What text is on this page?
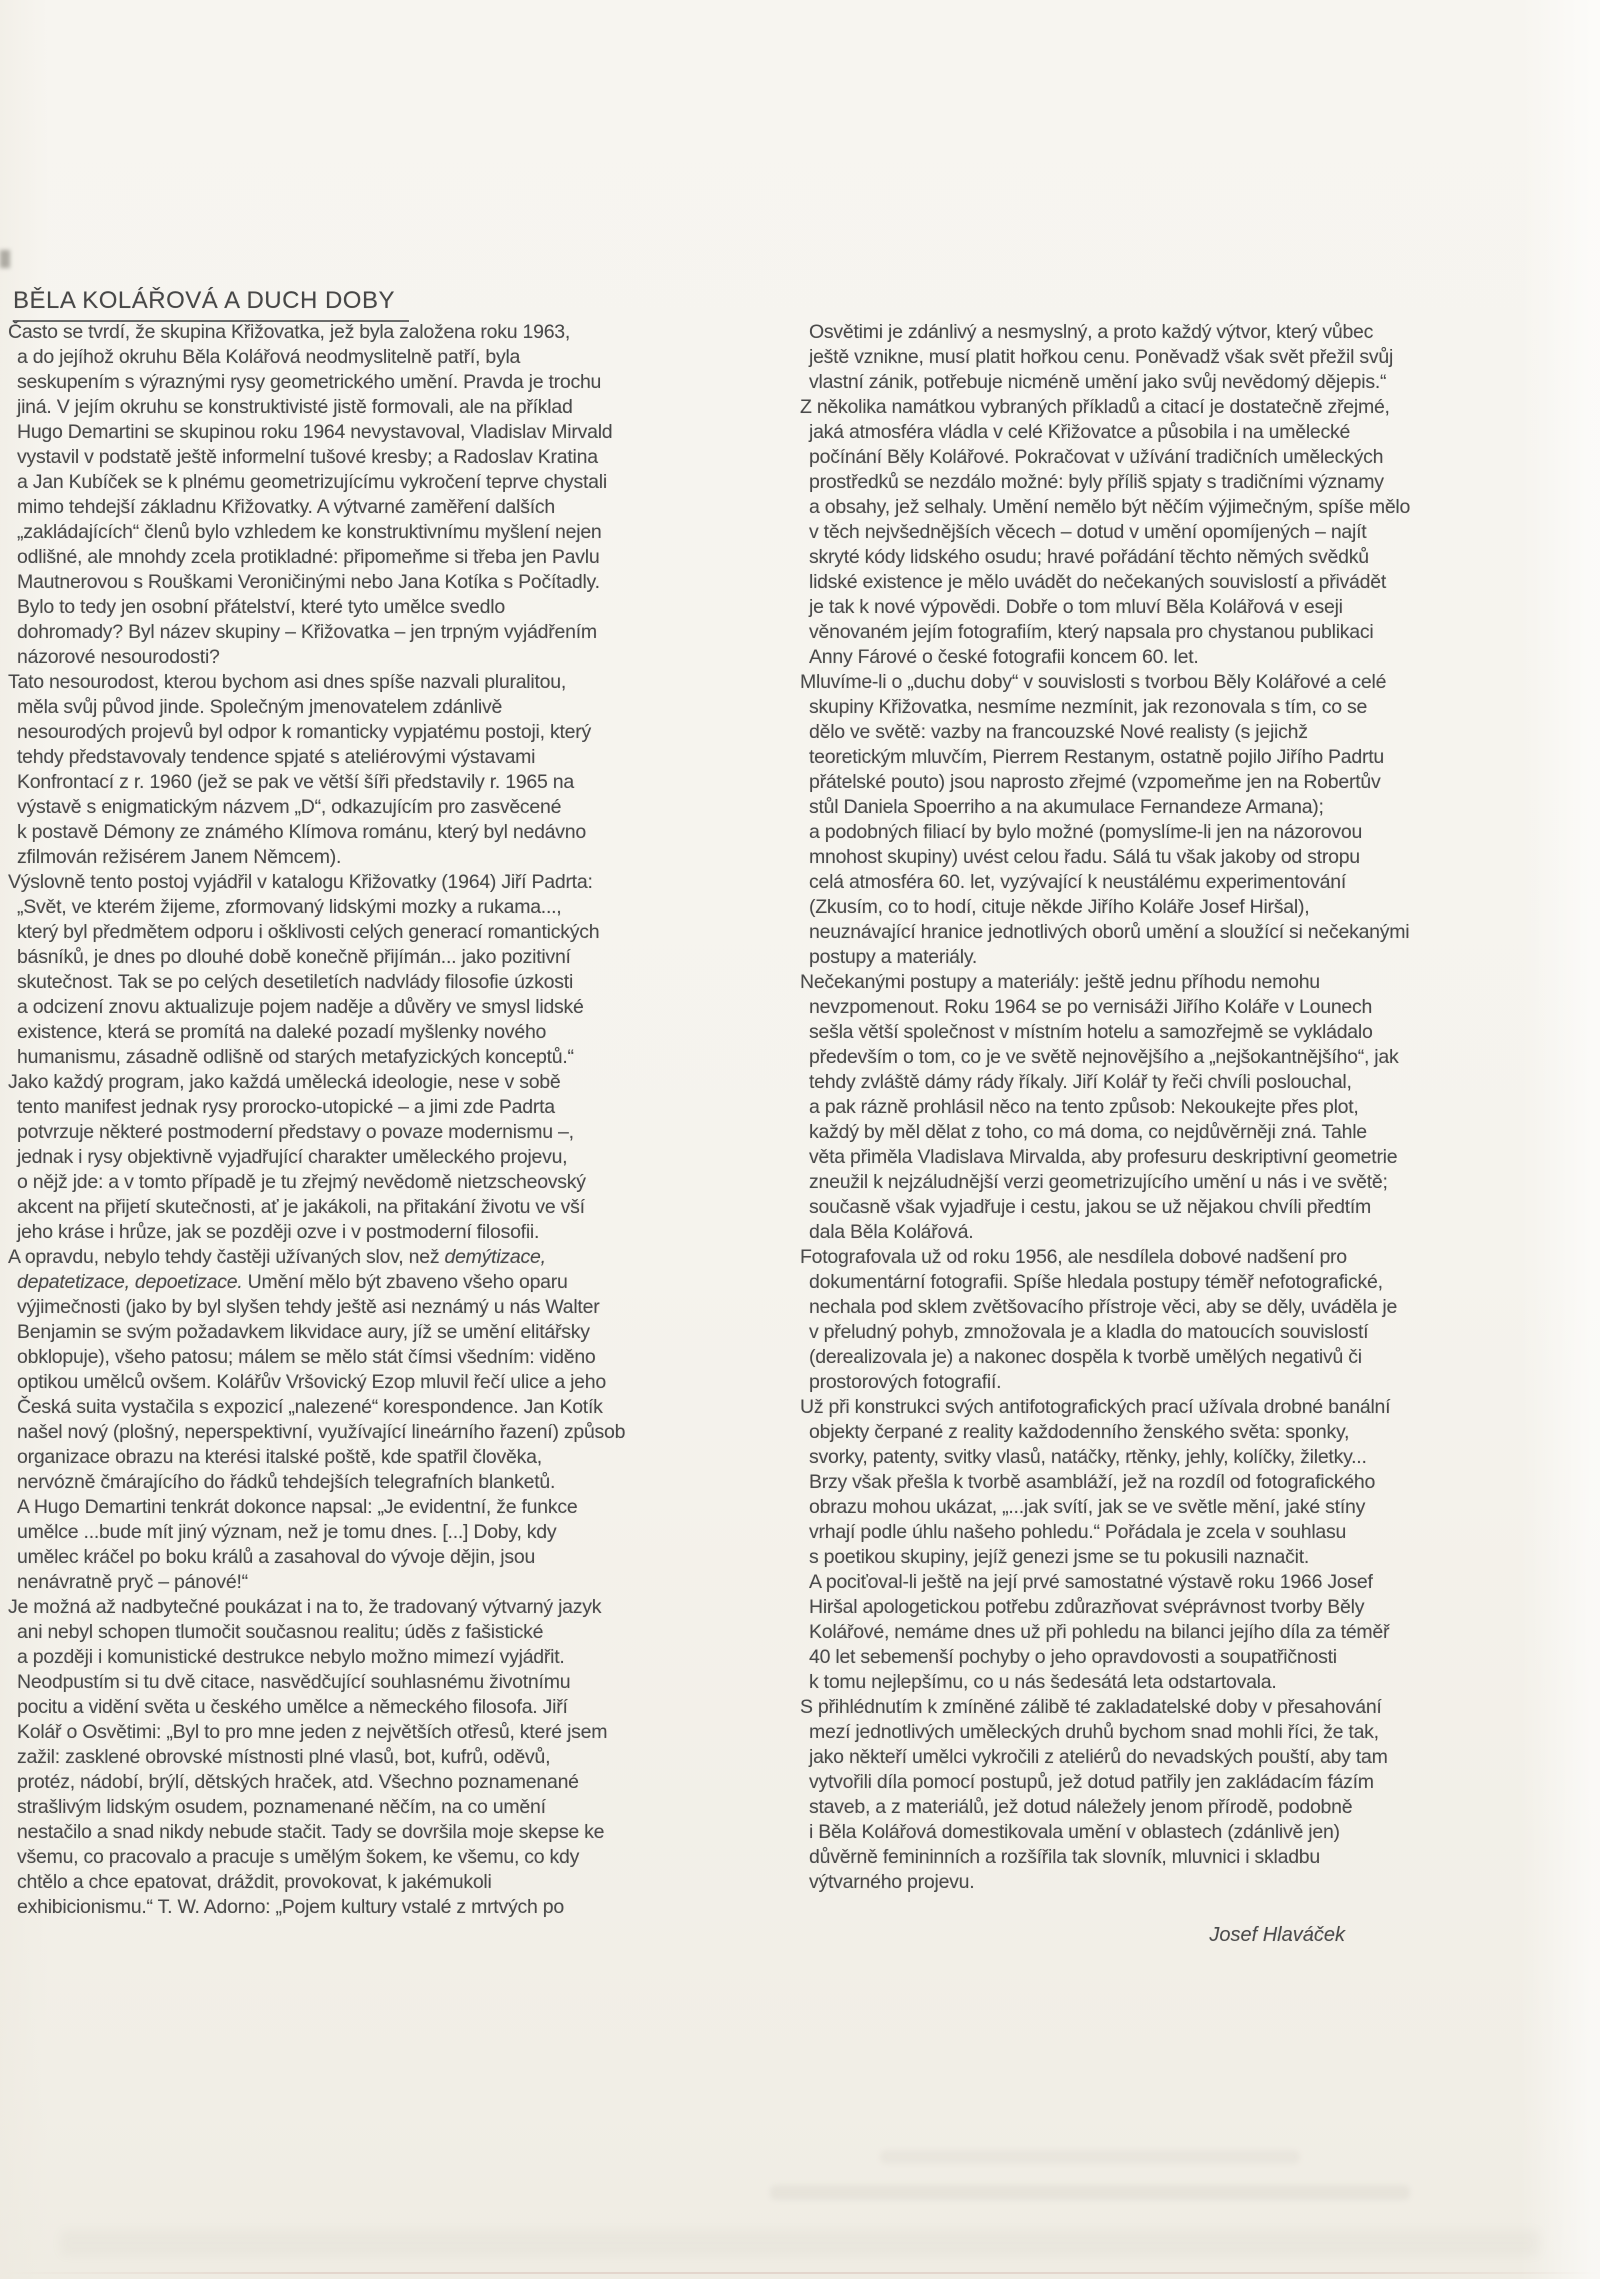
BĚLA KOLÁŘOVÁ A DUCH DOBY
Často se tvrdí, že skupina Křižovatka, jež byla založena roku 1963,
a do jejíhož okruhu Běla Kolářová neodmyslitelně patří, byla
seskupením s výraznými rysy geometrického umění. Pravda je trochu
jiná. V jejím okruhu se konstruktivisté jistě formovali, ale na příklad
Hugo Demartini se skupinou roku 1964 nevystavoval, Vladislav Mirvald
vystavil v podstatě ještě informelní tušové kresby; a Radoslav Kratina
a Jan Kubíček se k plnému geometrizujícímu vykročení teprve chystali
mimo tehdejší základnu Křižovatky. A výtvarné zaměření dalších
„zakládajících“ členů bylo vzhledem ke konstruktivnímu myšlení nejen
odlišné, ale mnohdy zcela protikladné: připomeňme si třeba jen Pavlu
Mautnerovou s Rouškami Veroničinými nebo Jana Kotíka s Počítadly.
Bylo to tedy jen osobní přátelství, které tyto umělce svedlo
dohromady? Byl název skupiny – Křižovatka – jen trpným vyjádřením
názorové nesourodosti?
Tato nesourodost, kterou bychom asi dnes spíše nazvali pluralitou,
měla svůj původ jinde. Společným jmenovatelem zdánlivě
nesourodých projevů byl odpor k romanticky vypjatému postoji, který
tehdy představovaly tendence spjaté s ateliérovými výstavami
Konfrontací z r. 1960 (jež se pak ve větší šíři představily r. 1965 na
výstavě s enigmatickým názvem „D“, odkazujícím pro zasvěcené
k postavě Démony ze známého Klímova románu, který byl nedávno
zfilmován režisérem Janem Němcem).
Výslovně tento postoj vyjádřil v katalogu Křižovatky (1964) Jiří Padrta:
„Svět, ve kterém žijeme, zformovaný lidskými mozky a rukama...,
který byl předmětem odporu i ošklivosti celých generací romantických
básníků, je dnes po dlouhé době konečně přijímán... jako pozitivní
skutečnost. Tak se po celých desetiletích nadvlády filosofie úzkosti
a odcizení znovu aktualizuje pojem naděje a důvěry ve smysl lidské
existence, která se promítá na daleké pozadí myšlenky nového
humanismu, zásadně odlišně od starých metafyzických konceptů.“
Jako každý program, jako každá umělecká ideologie, nese v sobě
tento manifest jednak rysy prorocko-utopické – a jimi zde Padrta
potvrzuje některé postmoderní představy o povaze modernismu –,
jednak i rysy objektivně vyjadřující charakter uměleckého projevu,
o nějž jde: a v tomto případě je tu zřejmý nevědomě nietzscheovský
akcent na přijetí skutečnosti, ať je jakákoli, na přitakání životu ve vší
jeho kráse i hrůze, jak se později ozve i v postmoderní filosofii.
A opravdu, nebylo tehdy častěji užívaných slov, než demýtizace,
depatetizace, depoetizace. Umění mělo být zbaveno všeho oparu
výjimečnosti (jako by byl slyšen tehdy ještě asi neznámý u nás Walter
Benjamin se svým požadavkem likvidace aury, jíž se umění elitářsky
obklopuje), všeho patosu; málem se mělo stát čímsi všedním: viděno
optikou umělců ovšem. Kolářův Vršovický Ezop mluvil řečí ulice a jeho
Česká suita vystačila s expozicí „nalezené“ korespondence. Jan Kotík
našel nový (plošný, neperspektivní, využívající lineárního řazení) způsob
organizace obrazu na kterési italské poště, kde spatřil člověka,
nervózně čmárajícího do řádků tehdejších telegrafních blanketů.
A Hugo Demartini tenkrát dokonce napsal: „Je evidentní, že funkce
umělce ...bude mít jiný význam, než je tomu dnes. [...] Doby, kdy
umělec kráčel po boku králů a zasahoval do vývoje dějin, jsou
nenávratně pryč – pánové!“
Je možná až nadbytečné poukázat i na to, že tradovaný výtvarný jazyk
ani nebyl schopen tlumočit současnou realitu; úděs z fašistické
a později i komunistické destrukce nebylo možno mimezí vyjádřit.
Neodpustím si tu dvě citace, nasvědčující souhlasnému životnímu
pocitu a vidění světa u českého umělce a německého filosofa. Jiří
Kolář o Osvětimi: „Byl to pro mne jeden z největších otřesů, které jsem
zažil: zasklené obrovské místnosti plné vlasů, bot, kufrů, oděvů,
protéz, nádobí, brýlí, dětských hraček, atd. Všechno poznamenané
strašlivým lidským osudem, poznamenané něčím, na co umění
nestačilo a snad nikdy nebude stačit. Tady se dovršila moje skepse ke
všemu, co pracovalo a pracuje s umělým šokem, ke všemu, co kdy
chtělo a chce epatovat, dráždit, provokovat, k jakémukoli
exhibicionismu.“ T. W. Adorno: „Pojem kultury vstalé z mrtvých po
Osvětimi je zdánlivý a nesmyslný, a proto každý výtvor, který vůbec
ještě vznikne, musí platit hořkou cenu. Poněvadž však svět přežil svůj
vlastní zánik, potřebuje nicméně umění jako svůj nevědomý dějepis.“
Z několika namátkou vybraných příkladů a citací je dostatečně zřejmé,
jaká atmosféra vládla v celé Křižovatce a působila i na umělecké
počínání Běly Kolářové. Pokračovat v užívání tradičních uměleckých
prostředků se nezdálo možné: byly příliš spjaty s tradičními významy
a obsahy, jež selhaly. Umění nemělo být něčím výjimečným, spíše mělo
v těch nejvšednějších věcech – dotud v umění opomíjených – najít
skryté kódy lidského osudu; hravé pořádání těchto němých svědků
lidské existence je mělo uvádět do nečekaných souvislostí a přivádět
je tak k nové výpovědi. Dobře o tom mluví Běla Kolářová v eseji
věnovaném jejím fotografiím, který napsala pro chystanou publikaci
Anny Fárové o české fotografii koncem 60. let.
Mluvíme-li o „duchu doby“ v souvislosti s tvorbou Běly Kolářové a celé
skupiny Křižovatka, nesmíme nezmínit, jak rezonovala s tím, co se
dělo ve světě: vazby na francouzské Nové realisty (s jejichž
teoretickým mluvčím, Pierrem Restanym, ostatně pojilo Jiřího Padrtu
přátelské pouto) jsou naprosto zřejmé (vzpomeňme jen na Robertův
stůl Daniela Spoerriho a na akumulace Fernandeze Armana);
a podobných filiací by bylo možné (pomyslíme-li jen na názorovou
mnohost skupiny) uvést celou řadu. Sálá tu však jakoby od stropu
celá atmosféra 60. let, vyzývající k neustálému experimentování
(Zkusím, co to hodí, cituje někde Jiřího Koláře Josef Hiršal),
neuznávající hranice jednotlivých oborů umění a sloužící si nečekanými
postupy a materiály.
Nečekanými postupy a materiály: ještě jednu příhodu nemohu
nevzpomenout. Roku 1964 se po vernisáži Jiřího Koláře v Lounech
sešla větší společnost v místním hotelu a samozřejmě se vykládalo
především o tom, co je ve světě nejnovějšího a „nejšokantnějšího“, jak
tehdy zvláště dámy rády říkaly. Jiří Kolář ty řeči chvíli poslouchal,
a pak rázně prohlásil něco na tento způsob: Nekoukejte přes plot,
každý by měl dělat z toho, co má doma, co nejdůvěrněji zná. Tahle
věta přiměla Vladislava Mirvalda, aby profesuru deskriptivní geometrie
zneužil k nejzáludnější verzi geometrizujícího umění u nás i ve světě;
současně však vyjadřuje i cestu, jakou se už nějakou chvíli předtím
dala Běla Kolářová.
Fotografovala už od roku 1956, ale nesdílela dobové nadšení pro
dokumentární fotografii. Spíše hledala postupy téměř nefotografické,
nechala pod sklem zvětšovacího přístroje věci, aby se děly, uváděla je
v přeludný pohyb, zmnožovala je a kladla do matoucích souvislostí
(derealizovala je) a nakonec dospěla k tvorbě umělých negativů či
prostorových fotografií.
Už při konstrukci svých antifotografických prací užívala drobné banální
objekty čerpané z reality každodenního ženského světa: sponky,
svorky, patenty, svitky vlasů, natáčky, rtěnky, jehly, kolíčky, žiletky...
Brzy však přešla k tvorbě asambláží, jež na rozdíl od fotografického
obrazu mohou ukázat, „...jak svítí, jak se ve světle mění, jaké stíny
vrhají podle úhlu našeho pohledu.“ Pořádala je zcela v souhlasu
s poetikou skupiny, jejíž genezi jsme se tu pokusili naznačit.
A pociťoval-li ještě na její prvé samostatné výstavě roku 1966 Josef
Hiršal apologetickou potřebu zdůrazňovat svéprávnost tvorby Běly
Kolářové, nemáme dnes už při pohledu na bilanci jejího díla za téměř
40 let sebemenší pochyby o jeho opravdovosti a soupatřičnosti
k tomu nejlepšímu, co u nás šedesátá leta odstartovala.
S přihlédnutím k zmíněné zálibě té zakladatelské doby v přesahování
mezí jednotlivých uměleckých druhů bychom snad mohli říci, že tak,
jako někteří umělci vykročili z ateliérů do nevadských pouští, aby tam
vytvořili díla pomocí postupů, jež dotud patřily jen zakládacím fázím
staveb, a z materiálů, jež dotud náležely jenom přírodě, podobně
i Běla Kolářová domestikovala umění v oblastech (zdánlivě jen)
důvěrně femininních a rozšířila tak slovník, mluvnici i skladbu
výtvarného projevu.
Josef Hlaváček
